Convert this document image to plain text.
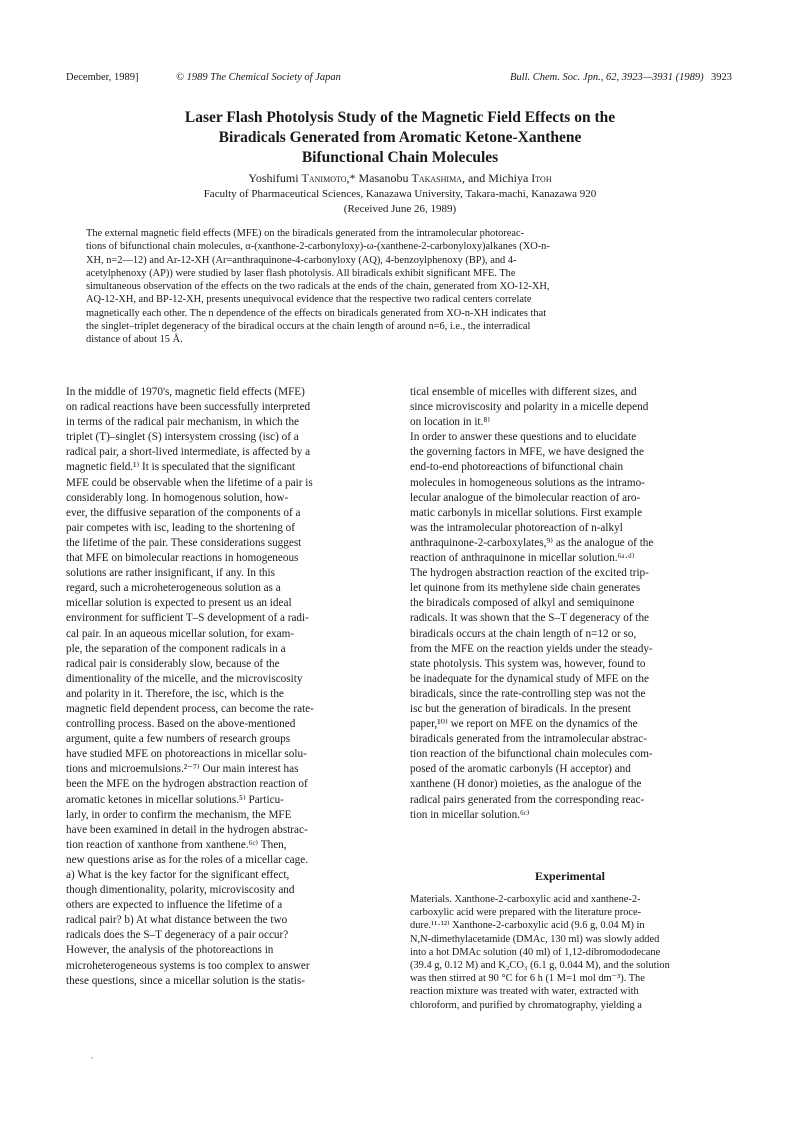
December, 1989]	© 1989 The Chemical Society of Japan	Bull. Chem. Soc. Jpn., 62, 3923—3931 (1989) 3923
Laser Flash Photolysis Study of the Magnetic Field Effects on the
Biradicals Generated from Aromatic Ketone-Xanthene
Bifunctional Chain Molecules
Yoshifumi Tanimoto,* Masanobu Takashima, and Michiya Itoh
Faculty of Pharmaceutical Sciences, Kanazawa University, Takara-machi, Kanazawa 920
(Received June 26, 1989)
The external magnetic field effects (MFE) on the biradicals generated from the intramolecular photoreac-
tions of bifunctional chain molecules, α-(xanthone-2-carbonyloxy)-ω-(xanthene-2-carbonyloxy)alkanes (XO-n-
XH, n=2—12) and Ar-12-XH (Ar=anthraquinone-4-carbonyloxy (AQ), 4-benzoylphenoxy (BP), and 4-
acetylphenoxy (AP)) were studied by laser flash photolysis. All biradicals exhibit significant MFE. The
simultaneous observation of the effects on the two radicals at the ends of the chain, generated from XO-12-XH,
AQ-12-XH, and BP-12-XH, presents unequivocal evidence that the respective two radical centers correlate
magnetically each other. The n dependence of the effects on biradicals generated from XO-n-XH indicates that
the singlet–triplet degeneracy of the biradical occurs at the chain length of around n=6, i.e., the interradical
distance of about 15 Å.
In the middle of 1970's, magnetic field effects (MFE)
on radical reactions have been successfully interpreted
in terms of the radical pair mechanism, in which the
triplet (T)–singlet (S) intersystem crossing (isc) of a
radical pair, a short-lived intermediate, is affected by a
magnetic field.¹⁾ It is speculated that the significant
MFE could be observable when the lifetime of a pair is
considerably long. In homogenous solution, how-
ever, the diffusive separation of the components of a
pair competes with isc, leading to the shortening of
the lifetime of the pair. These considerations suggest
that MFE on bimolecular reactions in homogeneous
solutions are rather insignificant, if any. In this
regard, such a microheterogeneous solution as a
micellar solution is expected to present us an ideal
environment for sufficient T–S development of a radi-
cal pair. In an aqueous micellar solution, for exam-
ple, the separation of the component radicals in a
radical pair is considerably slow, because of the
dimentionality of the micelle, and the microviscosity
and polarity in it. Therefore, the isc, which is the
magnetic field dependent process, can become the rate-
controlling process. Based on the above-mentioned
argument, quite a few numbers of research groups
have studied MFE on photoreactions in micellar solu-
tions and microemulsions.²⁻⁷⁾ Our main interest has
been the MFE on the hydrogen abstraction reaction of
aromatic ketones in micellar solutions.⁵⁾ Particu-
larly, in order to confirm the mechanism, the MFE
have been examined in detail in the hydrogen abstrac-
tion reaction of xanthone from xanthene.⁶ᶜ⁾ Then,
new questions arise as for the roles of a micellar cage.
a) What is the key factor for the significant effect,
though dimentionality, polarity, microviscosity and
others are expected to influence the lifetime of a
radical pair? b) At what distance between the two
radicals does the S–T degeneracy of a pair occur?
However, the analysis of the photoreactions in
microheterogeneous systems is too complex to answer
these questions, since a micellar solution is the statis-
tical ensemble of micelles with different sizes, and
since microviscosity and polarity in a micelle depend
on location in it.⁸⁾
In order to answer these questions and to elucidate
the governing factors in MFE, we have designed the
end-to-end photoreactions of bifunctional chain
molecules in homogeneous solutions as the intramo-
lecular analogue of the bimolecular reaction of aro-
matic carbonyls in micellar solutions. First example
was the intramolecular photoreaction of n-alkyl
anthraquinone-2-carboxylates,⁹⁾ as the analogue of the
reaction of anthraquinone in micellar solution.⁶ᵃ·ᵈ⁾
The hydrogen abstraction reaction of the excited trip-
let quinone from its methylene side chain generates
the biradicals composed of alkyl and semiquinone
radicals. It was shown that the S–T degeneracy of the
biradicals occurs at the chain length of n=12 or so,
from the MFE on the reaction yields under the steady-
state photolysis. This system was, however, found to
be inadequate for the dynamical study of MFE on the
biradicals, since the rate-controlling step was not the
isc but the generation of biradicals. In the present
paper,¹⁰⁾ we report on MFE on the dynamics of the
biradicals generated from the intramolecular abstrac-
tion reaction of the bifunctional chain molecules com-
posed of the aromatic carbonyls (H acceptor) and
xanthene (H donor) moieties, as the analogue of the
radical pairs generated from the corresponding reac-
tion in micellar solution.⁶ᶜ⁾
Experimental
Materials. Xanthone-2-carboxylic acid and xanthene-2-
carboxylic acid were prepared with the literature proce-
dure.¹¹·¹²⁾ Xanthone-2-carboxylic acid (9.6 g, 0.04 M) in
N,N-dimethylacetamide (DMAc, 130 ml) was slowly added
into a hot DMAc solution (40 ml) of 1,12-dibromododecane
(39.4 g, 0.12 M) and K₂CO₃ (6.1 g, 0.044 M), and the solution
was then stirred at 90 °C for 6 h (1 M=1 mol dm⁻³). The
reaction mixture was treated with water, extracted with
chloroform, and purified by chromatography, yielding a
